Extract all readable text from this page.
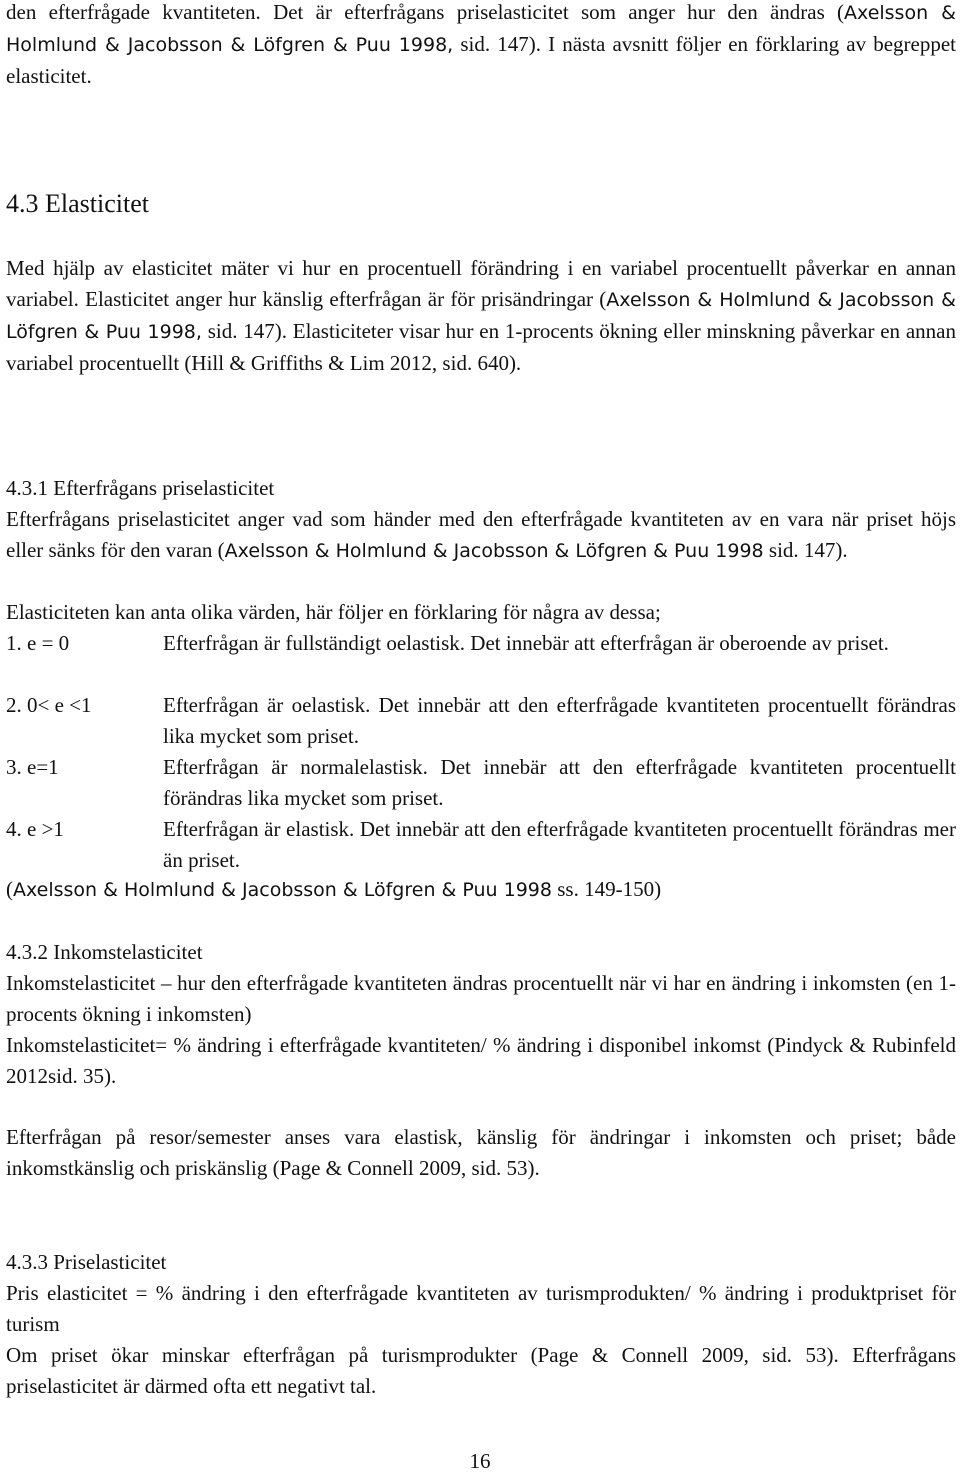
den efterfrågade kvantiteten. Det är efterfrågans priselasticitet som anger hur den ändras (Axelsson & Holmlund & Jacobsson & Löfgren & Puu 1998, sid. 147). I nästa avsnitt följer en förklaring av begreppet elasticitet.

4.3 Elasticitet

Med hjälp av elasticitet mäter vi hur en procentuell förändring i en variabel procentuellt påverkar en annan variabel. Elasticitet anger hur känslig efterfrågan är för prisändringar (Axelsson & Holmlund & Jacobsson & Löfgren & Puu 1998, sid. 147). Elasticiteter visar hur en 1-procents ökning eller minskning påverkar en annan variabel procentuellt (Hill & Griffiths & Lim 2012, sid. 640).

4.3.1 Efterfrågans priselasticitet

Efterfrågans priselasticitet anger vad som händer med den efterfrågade kvantiteten av en vara när priset höjs eller sänks för den varan (Axelsson & Holmlund & Jacobsson & Löfgren & Puu 1998 sid. 147).

Elasticiteten kan anta olika värden, här följer en förklaring för några av dessa;

1. e = 0	Efterfrågan är fullständigt oelastisk. Det innebär att efterfrågan är oberoende av priset.
2. 0< e <1	Efterfrågan är oelastisk. Det innebär att den efterfrågade kvantiteten procentuellt förändras lika mycket som priset.
3. e=1	Efterfrågan är normalelastisk. Det innebär att den efterfrågade kvantiteten procentuellt förändras lika mycket som priset.
4. e >1	Efterfrågan är elastisk. Det innebär att den efterfrågade kvantiteten procentuellt förändras mer än priset.

(Axelsson & Holmlund & Jacobsson & Löfgren & Puu 1998 ss. 149-150)

4.3.2 Inkomstelasticitet

Inkomstelasticitet – hur den efterfrågade kvantiteten ändras procentuellt när vi har en ändring i inkomsten (en 1-procents ökning i inkomsten)

Inkomstelasticitet= % ändring i efterfrågade kvantiteten/ % ändring i disponibel inkomst (Pindyck & Rubinfeld 2012sid. 35).

Efterfrågan på resor/semester anses vara elastisk, känslig för ändringar i inkomsten och priset; både inkomstkänslig och priskänslig (Page & Connell 2009, sid. 53).

4.3.3 Priselasticitet

Pris elasticitet = % ändring i den efterfrågade kvantiteten av turismprodukten/ % ändring i produktpriset för turism

Om priset ökar minskar efterfrågan på turismprodukter (Page & Connell 2009, sid. 53). Efterfrågans priselasticitet är därmed ofta ett negativt tal.

16
